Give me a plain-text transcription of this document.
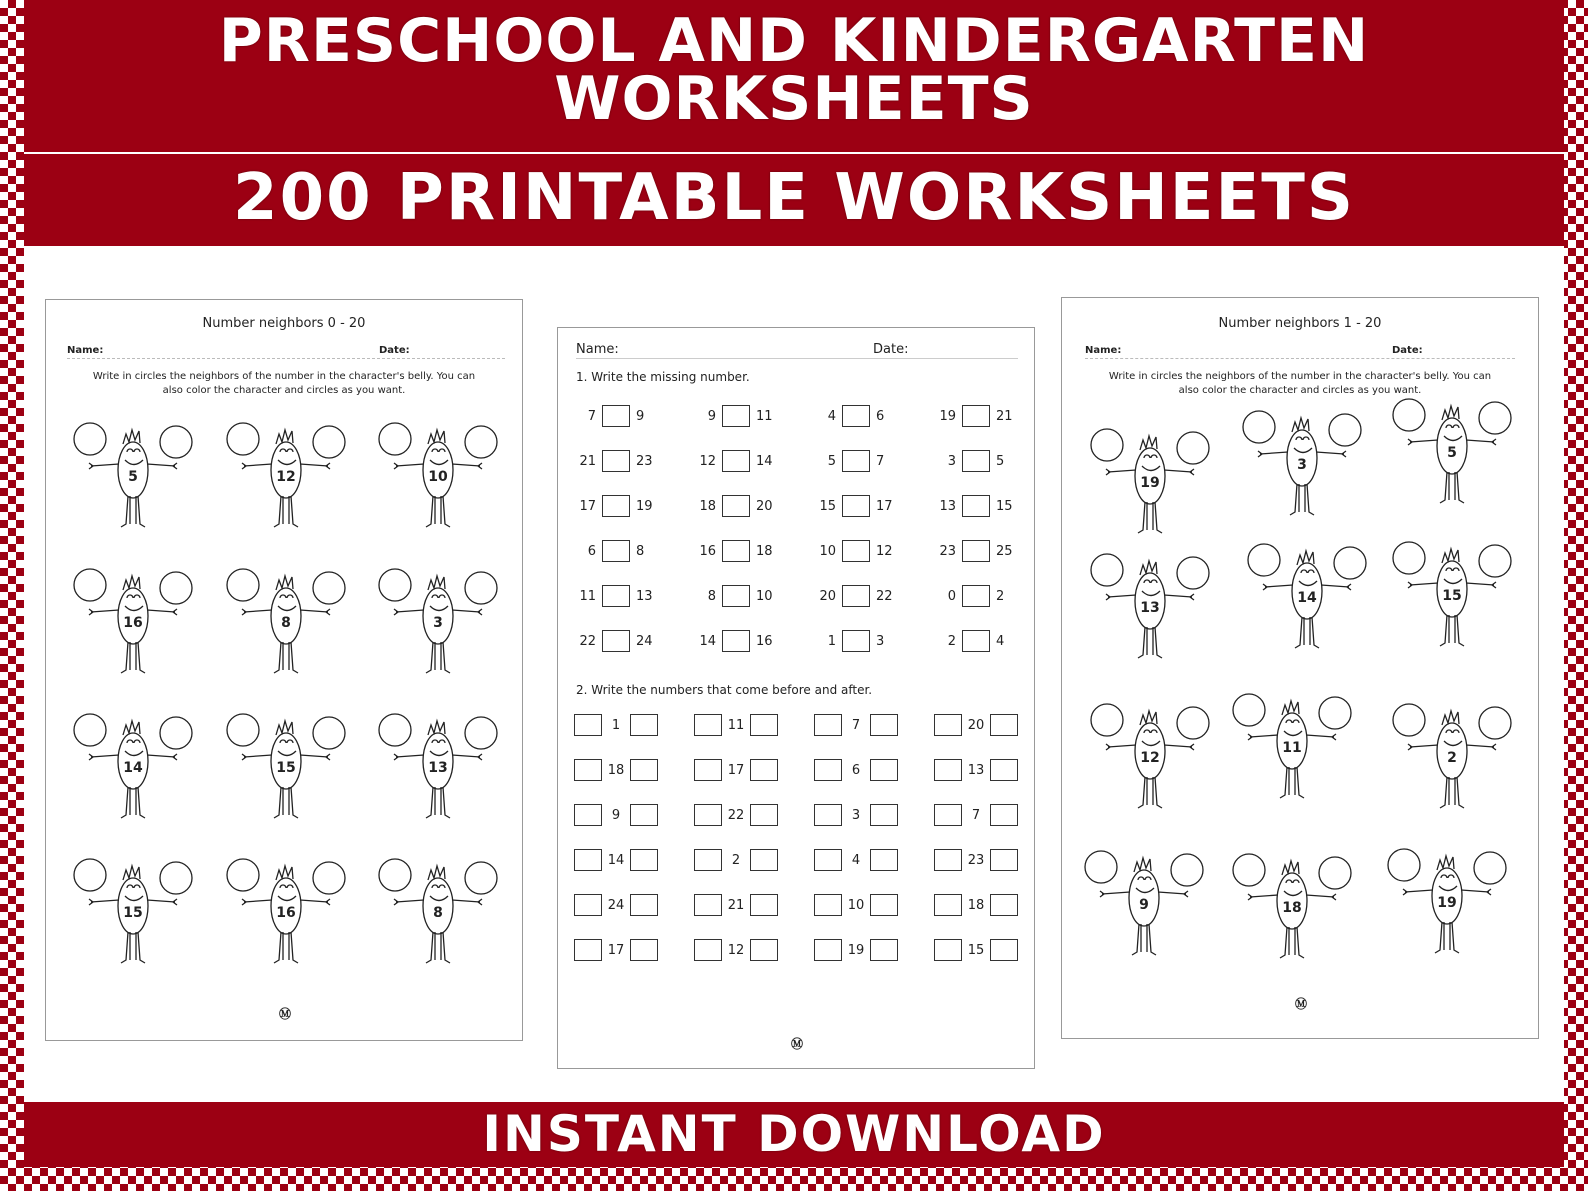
PRESCHOOL AND KINDERGARTEN
WORKSHEETS
200 PRINTABLE WORKSHEETS
INSTANT DOWNLOAD
Number neighbors 0 - 20
Name:	Date:
Write in circles the neighbors of the number in the character's belly. You can
also color the character and circles as you want.
Ⓜ
5	12	10
16	8	3
14	15	13
15	16	8
Name:	Date:
1. Write the missing number.
2. Write the numbers that come before and after.
Ⓜ
7	9	9	11	4	6	19	21
21	23	12	14	5	7	3	5
17	19	18	20	15	17	13	15
6	8	16	18	10	12	23	25
11	13	8	10	20	22	0	2
22	24	14	16	1	3	2	4
1	11	7	20
18	17	6	13
9	22	3	7
14	2	4	23
24	21	10	18
17	12	19	15
Number neighbors 1 - 20
Name:	Date:
Write in circles the neighbors of the number in the character's belly. You can
also color the character and circles as you want.
Ⓜ
19
3
5
13
14	15
12
11
2
9	18	19
